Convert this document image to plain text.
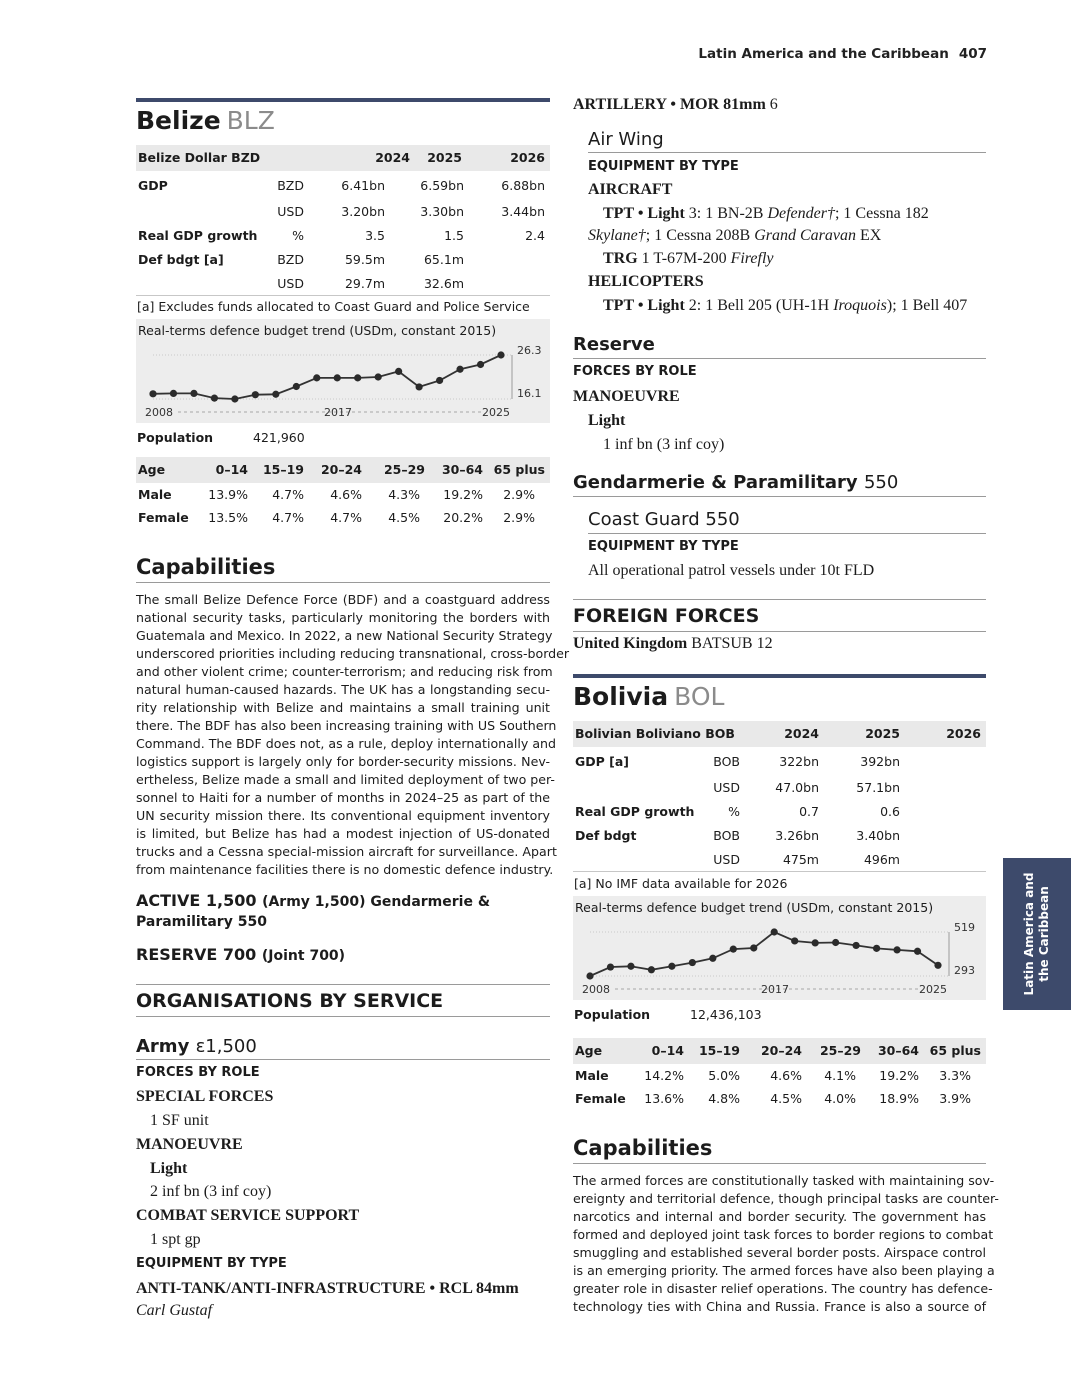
Latin America and the Caribbean 407
Latin America and the Caribbean
Belize BLZ
Belize Dollar BZD	2024 2025	2026
GDP	BZD	6.41bn	6.59bn	6.88bn
USD	3.20bn	3.30bn	3.44bn
Real GDP growth	%	3.5	1.5	2.4
Def bdgt [a]	BZD	59.5m	65.1m
USD	29.7m	32.6m
[a] Excludes funds allocated to Coast Guard and Police Service
Real-terms defence budget trend (USDm, constant 2015)
26.3
16.1
2008	2017	2025
Population	421,960
Age	0–14 15–19 20–24 25–29 30–64 65 plus
Male	13.9% 4.7% 4.6% 4.3% 19.2% 2.9%
Female 13.5% 4.7% 4.7% 4.5% 20.2% 2.9%
Capabilities
The small Belize Defence Force (BDF) and a coastguard address
national security tasks, particularly monitoring the borders with
Guatemala and Mexico. In 2022, a new National Security Strategy
underscored priorities including reducing transnational, cross-border
and other violent crime; counter-terrorism; and reducing risk from
natural human-caused hazards. The UK has a longstanding secu-
rity relationship with Belize and maintains a small training unit
there. The BDF has also been increasing training with US Southern
Command. The BDF does not, as a rule, deploy internationally and
logistics support is largely only for border-security missions. Nev-
ertheless, Belize made a small and limited deployment of two per-
sonnel to Haiti for a number of months in 2024–25 as part of the
UN security mission there. Its conventional equipment inventory
is limited, but Belize has had a modest injection of US-donated
trucks and a Cessna special-mission aircraft for surveillance. Apart
from maintenance facilities there is no domestic defence industry.
ACTIVE 1,500 (Army 1,500) Gendarmerie &
Paramilitary 550
RESERVE 700 (Joint 700)
ORGANISATIONS BY SERVICE
Army ε1,500
FORCES BY ROLE
SPECIAL FORCES
1 SF unit
MANOEUVRE
Light
2 inf bn (3 inf coy)
COMBAT SERVICE SUPPORT
1 spt gp
EQUIPMENT BY TYPE
ANTI-TANK/ANTI-INFRASTRUCTURE • RCL 84mm
Carl Gustaf
ARTILLERY • MOR 81mm 6
Air Wing
EQUIPMENT BY TYPE
AIRCRAFT
TPT • Light 3: 1 BN-2B Defender†; 1 Cessna 182
Skylane†; 1 Cessna 208B Grand Caravan EX
TRG 1 T-67M-200 Firefly
HELICOPTERS
TPT • Light 2: 1 Bell 205 (UH-1H Iroquois); 1 Bell 407
Reserve
FORCES BY ROLE
MANOEUVRE
Light
1 inf bn (3 inf coy)
Gendarmerie & Paramilitary 550
Coast Guard 550
EQUIPMENT BY TYPE
All operational patrol vessels under 10t FLD
FOREIGN FORCES
United Kingdom BATSUB 12
Bolivia BOL
Bolivian Boliviano BOB	2024	2025	2026
GDP [a]	BOB	322bn	392bn
USD	47.0bn	57.1bn
Real GDP growth	%	0.7	0.6
Def bdgt	BOB	3.26bn	3.40bn
USD	475m	496m
[a] No IMF data available for 2026
Real-terms defence budget trend (USDm, constant 2015)
519
293
2008	2017	2025
Population	12,436,103
Age	0–14 15–19 20–24 25–29 30–64 65 plus
Male	14.2% 5.0% 4.6% 4.1% 19.2% 3.3%
Female 13.6% 4.8% 4.5% 4.0% 18.9% 3.9%
Capabilities
The armed forces are constitutionally tasked with maintaining sov-
ereignty and territorial defence, though principal tasks are counter-
narcotics and internal and border security. The government has
formed and deployed joint task forces to border regions to combat
smuggling and established several border posts. Airspace control
is an emerging priority. The armed forces have also been playing a
greater role in disaster relief operations. The country has defence-
technology ties with China and Russia. France is also a source of
